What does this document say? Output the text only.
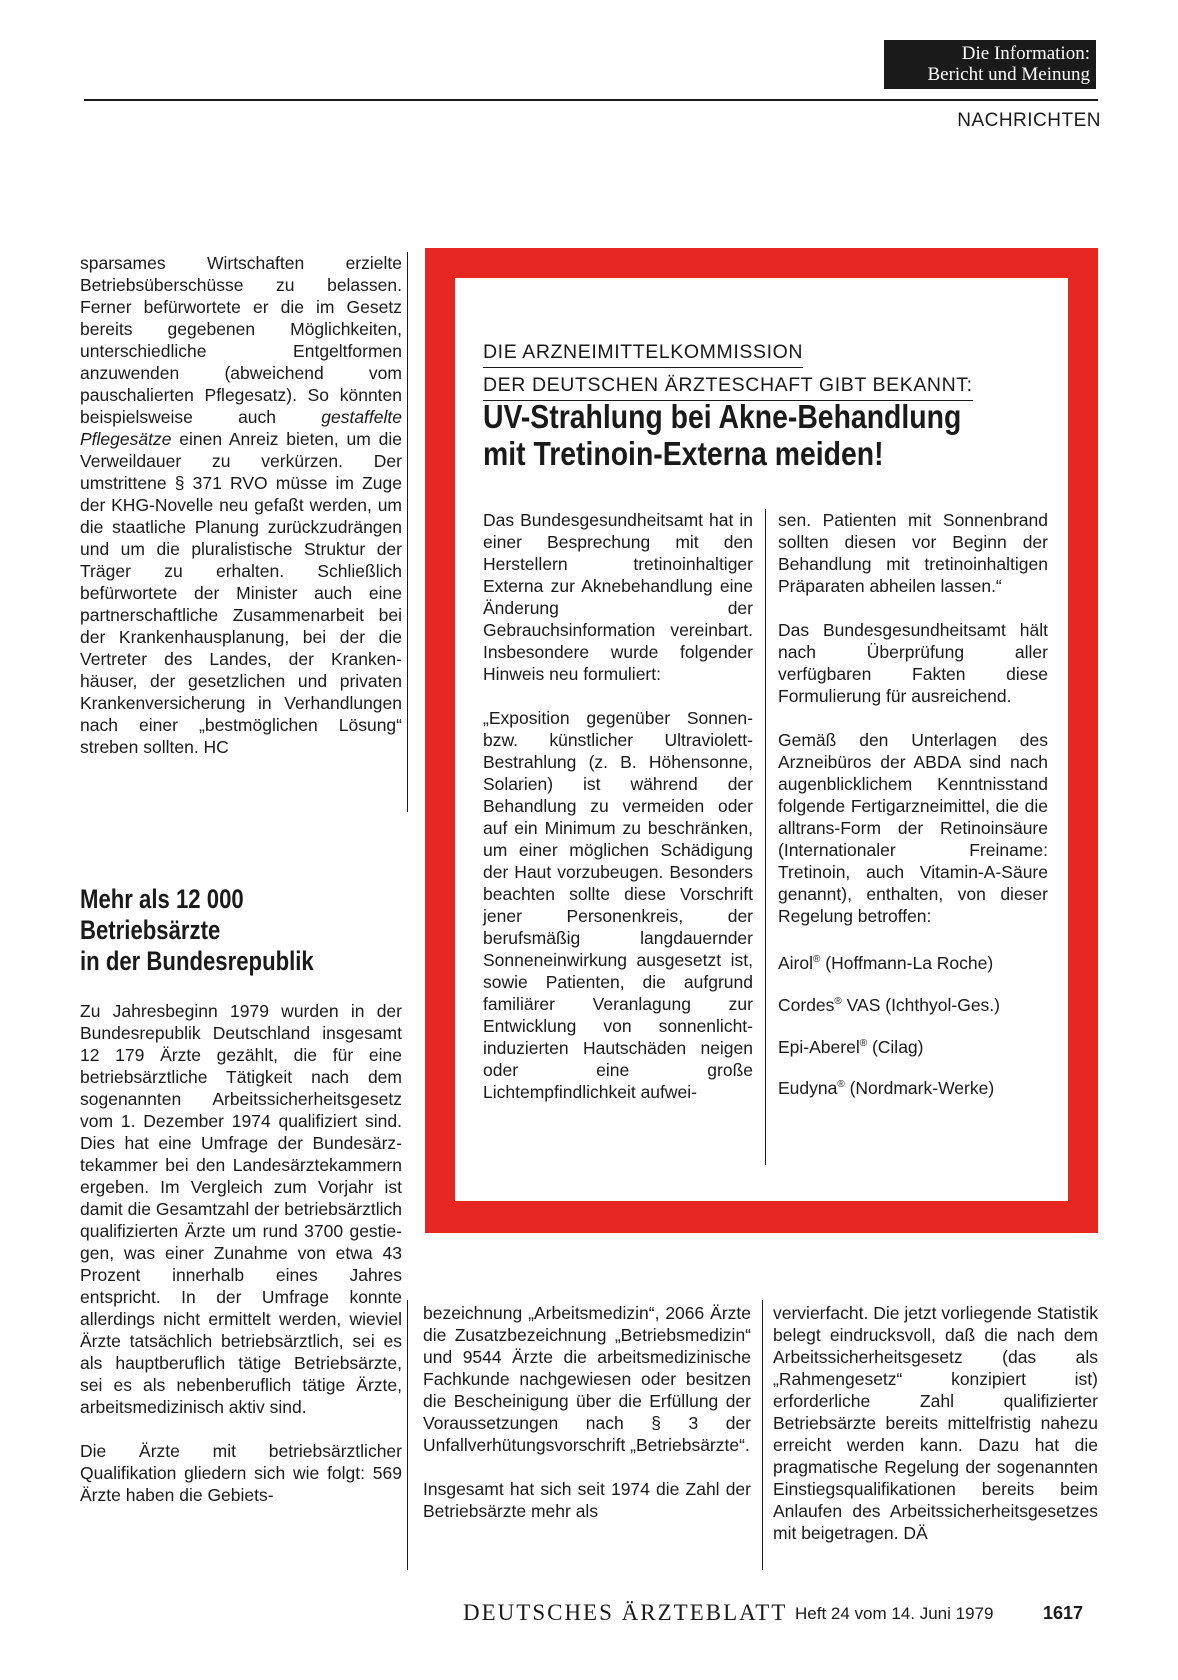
Die Information:
Bericht und Meinung
NACHRICHTEN

sparsames Wirtschaften erzielte Betriebsüberschüsse zu belassen. Ferner befürwortete er die im Gesetz bereits gegebenen Möglichkeiten, unterschiedliche Entgeltformen anzuwenden (abweichend vom pauschalierten Pflegesatz). So könnten beispielsweise auch gestaffelte Pflegesätze einen Anreiz bieten, um die Verweildauer zu verkürzen. Der umstrittene § 371 RVO müsse im Zuge der KHG-Novelle neu gefaßt werden, um die staatliche Planung zurückzudrängen und um die pluralistische Struktur der Träger zu erhalten. Schließlich befürwortete der Minister auch eine partnerschaftliche Zusammenarbeit bei der Krankenhausplanung, bei der die Vertreter des Landes, der Krankenhäuser, der gesetzlichen und privaten Krankenversicherung in Verhandlungen nach einer „bestmöglichen Lösung“ streben sollten. HC

Mehr als 12 000
Betriebsärzte
in der Bundesrepublik

Zu Jahresbeginn 1979 wurden in der Bundesrepublik Deutschland insgesamt 12 179 Ärzte gezählt, die für eine betriebsärztliche Tätigkeit nach dem sogenannten Arbeitssicherheitsgesetz vom 1. Dezember 1974 qualifiziert sind. Dies hat eine Umfrage der Bundesärztekammer bei den Landesärztekammern ergeben. Im Vergleich zum Vorjahr ist damit die Gesamtzahl der betriebsärztlich qualifizierten Ärzte um rund 3700 gestiegen, was einer Zunahme von etwa 43 Prozent innerhalb eines Jahres entspricht. In der Umfrage konnte allerdings nicht ermittelt werden, wieviel Ärzte tatsächlich betriebsärztlich, sei es als hauptberuflich tätige Betriebsärzte, sei es als nebenberuflich tätige Ärzte, arbeitsmedizinisch aktiv sind.

Die Ärzte mit betriebsärztlicher Qualifikation gliedern sich wie folgt: 569 Ärzte haben die Gebiets-

DIE ARZNEIMITTELKOMMISSION
DER DEUTSCHEN ÄRZTESCHAFT GIBT BEKANNT:
UV-Strahlung bei Akne-Behandlung
mit Tretinoin-Externa meiden!

Das Bundesgesundheitsamt hat in einer Besprechung mit den Herstellern tretinoinhaltiger Externa zur Aknebehandlung eine Änderung der Gebrauchsinformation vereinbart. Insbesondere wurde folgender Hinweis neu formuliert:

„Exposition gegenüber Sonnen- bzw. künstlicher Ultraviolett-Bestrahlung (z. B. Höhensonne, Solarien) ist während der Behandlung zu vermeiden oder auf ein Minimum zu beschränken, um einer möglichen Schädigung der Haut vorzubeugen. Besonders beachten sollte diese Vorschrift jener Personenkreis, der berufsmäßig langdauernder Sonneneinwirkung ausgesetzt ist, sowie Patienten, die aufgrund familiärer Veranlagung zur Entwicklung von sonnenlicht-induzierten Hautschäden neigen oder eine große Lichtempfindlichkeit aufwei-

sen. Patienten mit Sonnenbrand sollten diesen vor Beginn der Behandlung mit tretinoinhaltigen Präparaten abheilen lassen.“

Das Bundesgesundheitsamt hält nach Überprüfung aller verfügbaren Fakten diese Formulierung für ausreichend.

Gemäß den Unterlagen des Arzneibüros der ABDA sind nach augenblicklichem Kenntnisstand folgende Fertigarzneimittel, die die alltrans-Form der Retinoinsäure (Internationaler Freiname: Tretinoin, auch Vitamin-A-Säure genannt), enthalten, von dieser Regelung betroffen:

Airol® (Hoffmann-La Roche)
Cordes® VAS (Ichthyol-Ges.)
Epi-Aberel® (Cilag)
Eudyna® (Nordmark-Werke)

bezeichnung „Arbeitsmedizin“, 2066 Ärzte die Zusatzbezeichnung „Betriebsmedizin“ und 9544 Ärzte die arbeitsmedizinische Fachkunde nachgewiesen oder besitzen die Bescheinigung über die Erfüllung der Voraussetzungen nach § 3 der Unfallverhütungsvorschrift „Betriebsärzte“.

Insgesamt hat sich seit 1974 die Zahl der Betriebsärzte mehr als

vervierfacht. Die jetzt vorliegende Statistik belegt eindrucksvoll, daß die nach dem Arbeitssicherheitsgesetz (das als „Rahmengesetz“ konzipiert ist) erforderliche Zahl qualifizierter Betriebsärzte bereits mittelfristig nahezu erreicht werden kann. Dazu hat die pragmatische Regelung der sogenannten Einstiegsqualifikationen bereits beim Anlaufen des Arbeitssicherheitsgesetzes mit beigetragen. DÄ

DEUTSCHES ÄRZTEBLATT Heft 24 vom 14. Juni 1979	1617
